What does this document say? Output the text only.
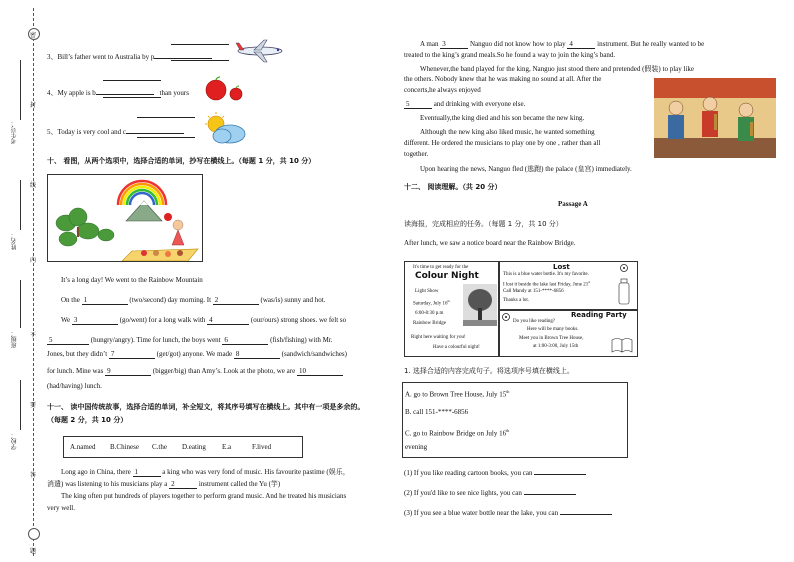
密
封
线
内
不
要
答
题
考生号：
姓名：
班级：
学校：
3、Bill’s father went to Australia by p
4、My apple is b	than yours
5、Today is very cool and c
十、 看图，从两个选项中，选择合适的单词，抄写在横线上。（每题 1 分，共 10 分）
It’s a long day! We went to the Rainbow Mountain
On the 1	(two/second) day morning. It 2	(was/is) sunny and hot.
We 3	(go/went) for a long walk with 4	(our/ours) strong shoes. we felt so
5	(hungry/angry). Time for lunch, the boys went 6	(fish/fishing) with Mr.
Jones, but they didn’t 7	(get/got) anyone. We made 8	(sandwich/sandwiches)
for lunch. Mine was 9	(bigger/big) than Amy’s. Look at the photo, we are 10
(had/having) lunch.
十一、 读中国传统故事，选择合适的单词，补全短文，将其序号填写在横线上。其中有一项是多余的。（每题 2 分，共 10 分）
A.named B.Chinese C.the D.eating E.a	F.lived
Long ago in China, there 1	a king who was very fond of music. His favourite pastime (娱乐，
消遣) was listening to his musicians play a 2	instrument called the Yu (竽)
The king often put hundreds of players together to perform grand music. And he treated his musicians
very well.
A man 3	Nanguo did not know how to play 4	instrument. But he really wanted to be
treated to the king’s grand meals.So he found a way to join the king’s band.
Whenever,the band played for the king, Nanguo just stood there and pretended (假装) to play like
the others. Nobody knew that he was making no sound at all. After the
concerts,he always enjoyed
5	and drinking with everyone else.
Eventually,the king died and his son became the new king.
Although the new king also liked music, he wanted something
different. He ordered the musicians to play one by one , rather than all
together.
Upon hearing the news, Nanguo fled (逃跑) the palace (皇宫) immediately.
十二、 阅读理解。（共 20 分）
Passage A
读海报，完成相应的任务。（每题 1 分，共 10 分）
After lunch, we saw a notice board near the Rainbow Bridge.
It's time to get ready for the
Colour Night
Light Show
Saturday, July 16th
6:00-8:30 p.m
Rainbow Bridge
Right here waiting for you!
Have a colourful night!
Lost
This is a blue water bottle. It's my favorite.
I lost it beside the lake last Friday, June 21st
Call Mandy at 151-****-6856
Thanks a lot.
Reading Party
Do you like reading?
Here will be many books.
Meet you in Brown Tree House,
at 1:00-3:00, July 15th
1. 选择合适的内容完成句子。将选项序号填在横线上。
A. go to Brown Tree House, July 15th
B. call 151-****-6856
C. go to Rainbow Bridge on July 16th
evening
(1) If you like reading cartoon books, you can
(2) If you'd like to see nice lights, you can
(3) If you see a blue water bottle near the lake, you can
